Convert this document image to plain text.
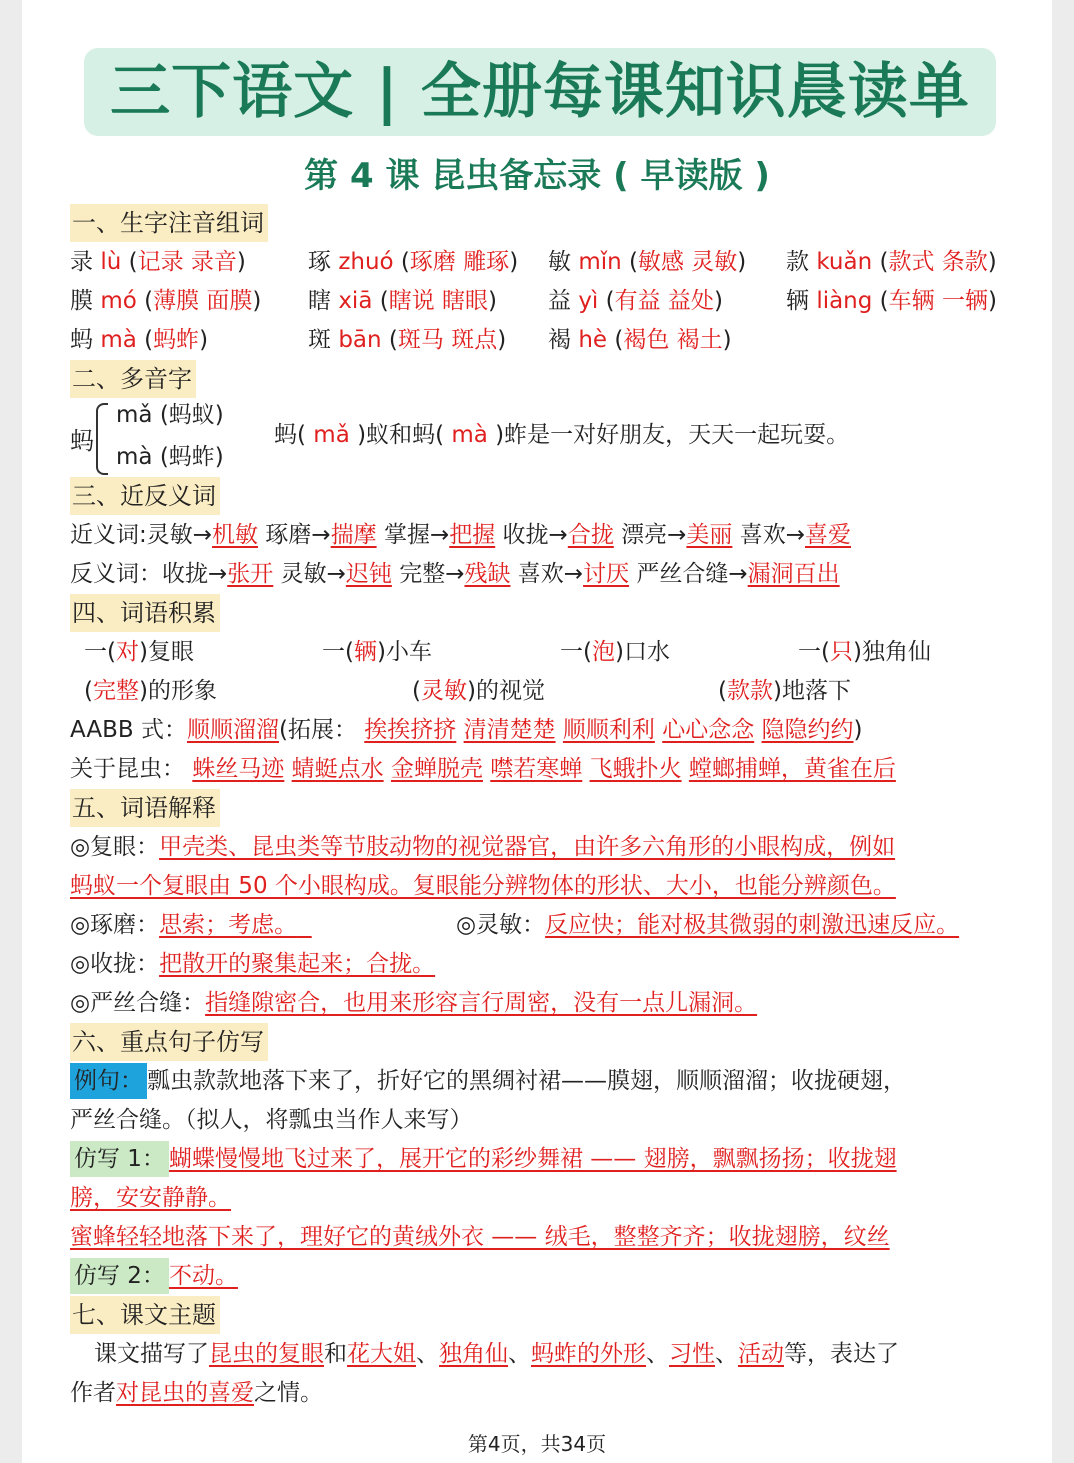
三下语文 | 全册每课知识晨读单
第 4 课 昆虫备忘录 ( 早读版 )
一、生字注音组词
录 lù (记录 录音)	琢 zhuó (琢磨 雕琢) 敏 mǐn (敏感 灵敏) 款 kuǎn (款式 条款)
膜 mó (薄膜 面膜) 瞎 xiā (瞎说 瞎眼) 益 yì (有益 益处)	辆 liàng (车辆 一辆)
蚂 mà (蚂蚱)	斑 bān (斑马 斑点) 褐 hè (褐色 褐土)
二、多音字
蚂
mǎ (蚂蚁)
mà (蚂蚱)
蚂( mǎ )蚁和蚂( mà )蚱是一对好朋友，天天一起玩耍。
三、近反义词
近义词:灵敏→机敏 琢磨→揣摩 掌握→把握 收拢→合拢 漂亮→美丽 喜欢→喜爱
反义词：收拢→张开 灵敏→迟钝 完整→残缺 喜欢→讨厌 严丝合缝→漏洞百出
四、词语积累
一(对)复眼	一(辆)小车	一(泡)口水	一(只)独角仙
(完整)的形象	(灵敏)的视觉	(款款)地落下
AABB 式：顺顺溜溜(拓展： 挨挨挤挤 清清楚楚 顺顺利利 心心念念 隐隐约约)
关于昆虫： 蛛丝马迹 蜻蜓点水 金蝉脱壳 噤若寒蝉 飞蛾扑火 螳螂捕蝉，黄雀在后
五、词语解释
◎复眼：甲壳类、昆虫类等节肢动物的视觉器官，由许多六角形的小眼构成，例如
蚂蚁一个复眼由 50 个小眼构成。复眼能分辨物体的形状、大小，也能分辨颜色。
◎琢磨：思索；考虑。	◎灵敏：反应快；能对极其微弱的刺激迅速反应。
◎收拢：把散开的聚集起来；合拢。
◎严丝合缝：指缝隙密合，也用来形容言行周密，没有一点儿漏洞。
六、重点句子仿写
例句： 瓢虫款款地落下来了，折好它的黑绸衬裙——膜翅，顺顺溜溜；收拢硬翅，
严丝合缝。（拟人，将瓢虫当作人来写）
仿写 1： 蝴蝶慢慢地飞过来了，展开它的彩纱舞裙 —— 翅膀，飘飘扬扬；收拢翅
膀，安安静静。
蜜蜂轻轻地落下来了，理好它的黄绒外衣 —— 绒毛，整整齐齐；收拢翅膀，纹丝
仿写 2： 不动。
七、课文主题
课文描写了昆虫的复眼和花大姐、独角仙、蚂蚱的外形、习性、活动等，表达了
作者对昆虫的喜爱之情。
第4页，共34页
